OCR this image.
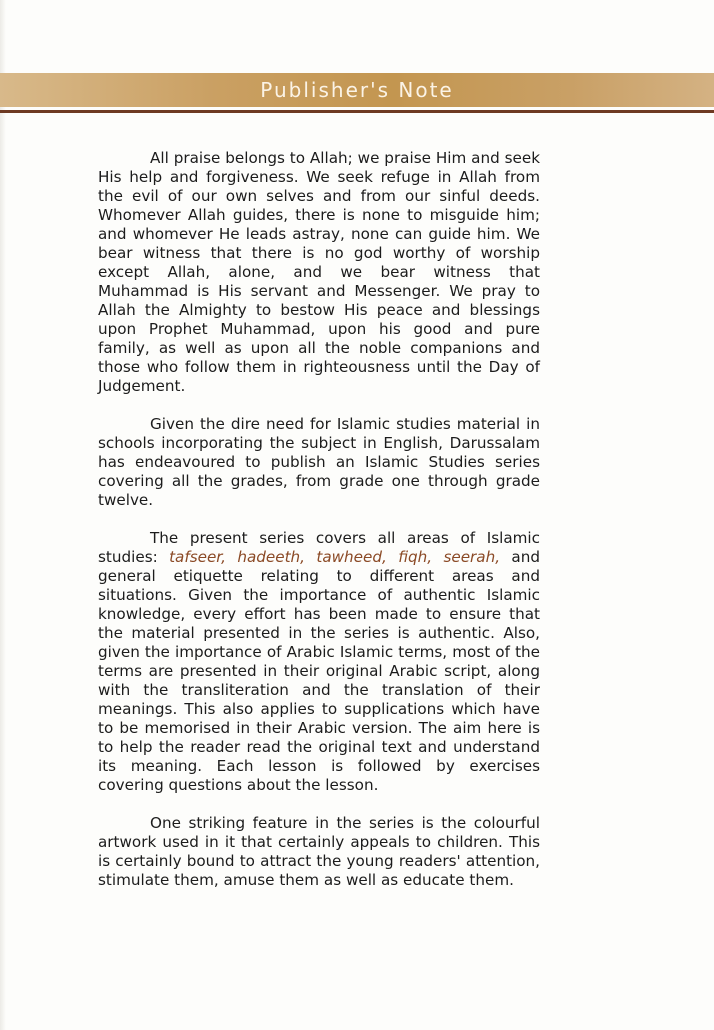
Publisher's Note

All praise belongs to Allah; we praise Him and seek His help and forgiveness. We seek refuge in Allah from the evil of our own selves and from our sinful deeds. Whomever Allah guides, there is none to misguide him; and whomever He leads astray, none can guide him. We bear witness that there is no god worthy of worship except Allah, alone, and we bear witness that Muhammad is His servant and Messenger. We pray to Allah the Almighty to bestow His peace and blessings upon Prophet Muhammad, upon his good and pure family, as well as upon all the noble companions and those who follow them in righteousness until the Day of Judgement.

Given the dire need for Islamic studies material in schools incorporating the subject in English, Darussalam has endeavoured to publish an Islamic Studies series covering all the grades, from grade one through grade twelve.

The present series covers all areas of Islamic studies: tafseer, hadeeth, tawheed, fiqh, seerah, and general etiquette relating to different areas and situations. Given the importance of authentic Islamic knowledge, every effort has been made to ensure that the material presented in the series is authentic. Also, given the importance of Arabic Islamic terms, most of the terms are presented in their original Arabic script, along with the transliteration and the translation of their meanings. This also applies to supplications which have to be memorised in their Arabic version. The aim here is to help the reader read the original text and understand its meaning. Each lesson is followed by exercises covering questions about the lesson.

One striking feature in the series is the colourful artwork used in it that certainly appeals to children. This is certainly bound to attract the young readers' attention, stimulate them, amuse them as well as educate them.
